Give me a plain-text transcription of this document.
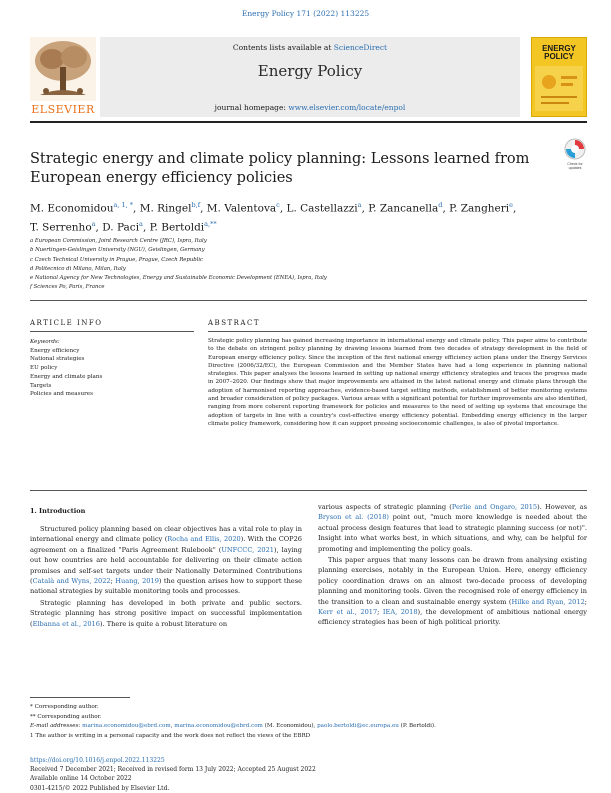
Energy Policy 171 (2022) 113225
Contents lists available at ScienceDirect
Energy Policy
journal homepage: www.elsevier.com/locate/enpol
ELSEVIER
ENERGY
POLICY
Strategic energy and climate policy planning: Lessons learned from European energy efficiency policies
Check for
updates
M. Economidou$^{a, 1, *}$, M. Ringel$^{b,f}$, M. Valentova$^c$, L. Castellazzi$^a$, P. Zancanella$^d$, P. Zangheri$^e$,
T. Serrenho$^a$, D. Paci$^a$, P. Bertoldi$^{a,**}$
a European Commission, Joint Research Centre (JRC), Ispra, Italy
b Nuertingen-Geislingen University (NGU), Geislingen, Germany
c Czech Technical University in Prague, Prague, Czech Republic
d Politecnico di Milano, Milan, Italy
e National Agency for New Technologies, Energy and Sustainable Economic Development (ENEA), Ispra, Italy
f Sciences Po, Paris, France
ARTICLE INFO	ABSTRACT
Keywords:
Energy efficiency
National strategies
EU policy
Energy and climate plans
Targets
Policies and measures
Strategic policy planning has gained increasing importance in international energy and climate policy. This paper aims to contribute to the debate on stringent policy planning by drawing lessons learned from two decades of strategy development in the field of European energy efficiency policy. Since the inception of the first national energy efficiency action plans under the Energy Services Directive (2006/32/EC), the European Commission and the Member States have had a long experience in planning national strategies. This paper analyses the lessons learned in setting up national energy efficiency strategies and traces the progress made in 2007–2020. Our findings show that major improvements are attained in the latest national energy and climate plans through the adoption of harmonised reporting approaches, evidence-based target setting methods, establishment of better monitoring systems and broader consideration of policy packages. Various areas with a significant potential for further improvements are also identified, ranging from more coherent reporting framework for policies and measures to the need of setting up systems that encourage the adoption of targets in line with a country's cost-effective energy efficiency potential. Embedding energy efficiency in the larger climate policy framework, considering how it can support pressing socioeconomic challenges, is also of pivotal importance.
1. Introduction

Structured policy planning based on clear objectives has a vital role to play in international energy and climate policy (Rocha and Ellis, 2020). With the COP26 agreement on a finalized "Paris Agreement Rulebook" (UNFCCC, 2021), laying out how countries are held accountable for delivering on their climate action promises and self-set targets under their Nationally Determined Contributions (Català and Wyns, 2022; Huang, 2019) the question arises how to support these national strategies by suitable monitoring tools and processes.

Strategic planning has developed in both private and public sectors. Strategic planning has strong positive impact on successful implementation (Elbanna et al., 2016). There is quite a robust literature on

various aspects of strategic planning (Perlie and Ongaro, 2015). However, as Bryson et al. (2018) point out, "much more knowledge is needed about the actual process design features that lead to strategic planning success (or not)". Insight into what works best, in which situations, and why, can be helpful for promoting and implementing the policy goals.

This paper argues that many lessons can be drawn from analysing existing planning exercises, notably in the European Union. Here, energy efficiency policy coordination draws on an almost two-decade process of developing planning and monitoring tools. Given the recognised role of energy efficiency in the transition to a clean and sustainable energy system (Hilke and Ryan, 2012; Kerr et al., 2017; IEA, 2018), the development of ambitious national energy efficiency strategies has been of high political priority.

* Corresponding author.
** Corresponding author.
E-mail addresses: marina.economidou@ebrd.com, marina.economidou@ebrd.com (M. Economidou), paolo.bertoldi@ec.europa.eu (P. Bertoldi).
1 The author is writing in a personal capacity and the work does not reflect the views of the EBRD
https://doi.org/10.1016/j.enpol.2022.113225
Received 7 December 2021; Received in revised form 13 July 2022; Accepted 25 August 2022
Available online 14 October 2022
0301-4215/© 2022 Published by Elsevier Ltd.
